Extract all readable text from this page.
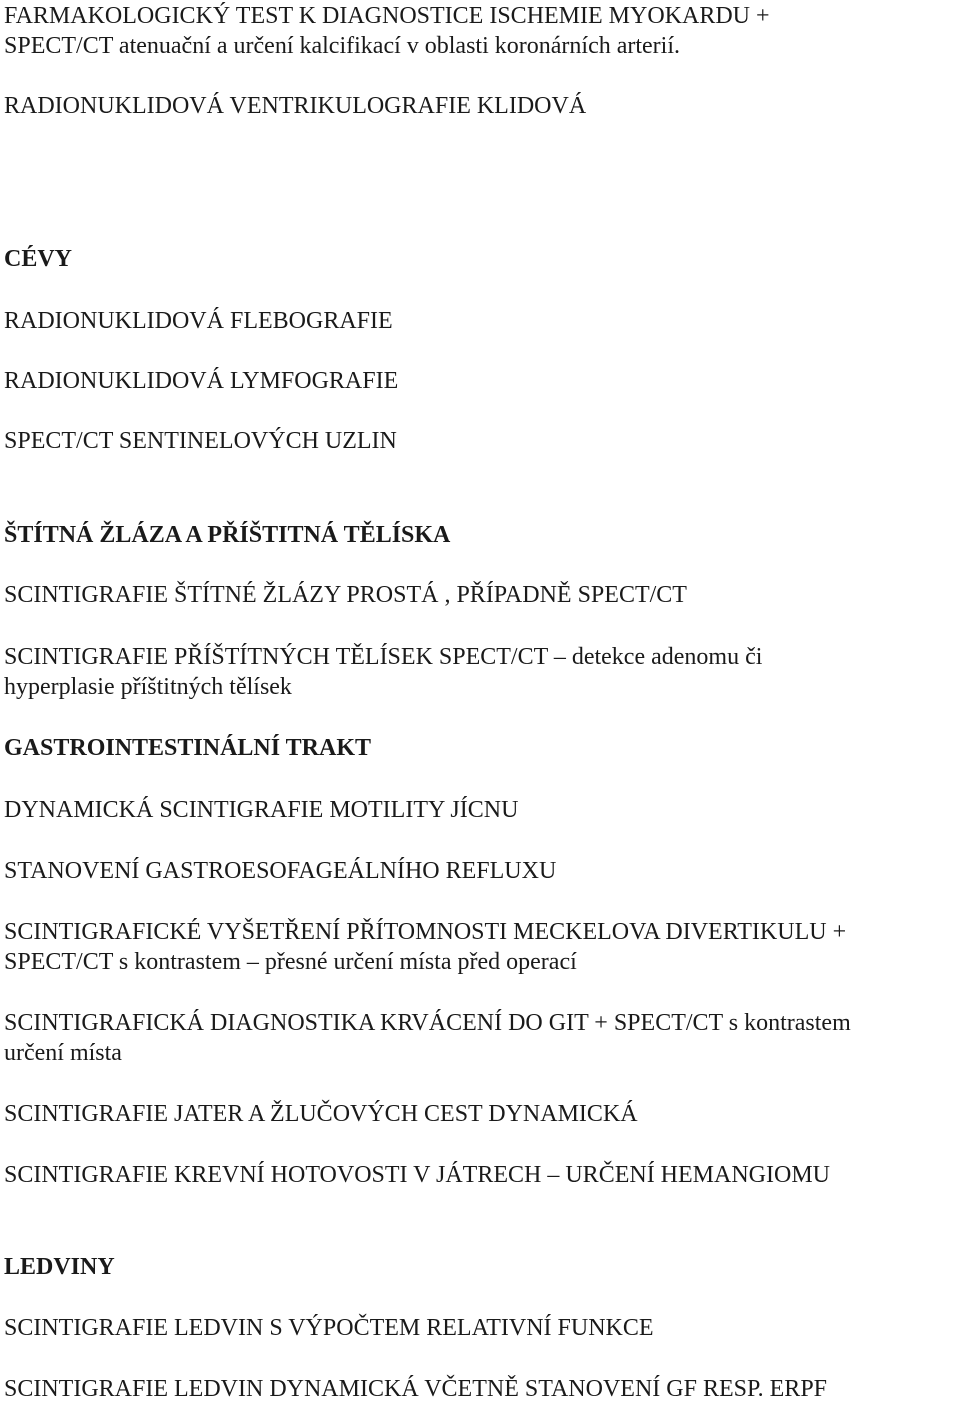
FARMAKOLOGICKÝ TEST K DIAGNOSTICE ISCHEMIE MYOKARDU +

SPECT/CT atenuační a určení kalcifikací v oblasti koronárních arterií.

RADIONUKLIDOVÁ VENTRIKULOGRAFIE KLIDOVÁ

CÉVY

RADIONUKLIDOVÁ FLEBOGRAFIE

RADIONUKLIDOVÁ LYMFOGRAFIE

SPECT/CT SENTINELOVÝCH UZLIN

ŠTÍTNÁ ŽLÁZA A PŘÍŠTITNÁ TĚLÍSKA

SCINTIGRAFIE ŠTÍTNÉ ŽLÁZY PROSTÁ , PŘÍPADNĚ SPECT/CT

SCINTIGRAFIE PŘÍŠTÍTNÝCH TĚLÍSEK SPECT/CT – detekce adenomu či

hyperplasie příštitných tělísek

GASTROINTESTINÁLNÍ TRAKT

DYNAMICKÁ SCINTIGRAFIE MOTILITY JÍCNU

STANOVENÍ GASTROESOFAGEÁLNÍHO REFLUXU

SCINTIGRAFICKÉ VYŠETŘENÍ PŘÍTOMNOSTI MECKELOVA DIVERTIKULU +

SPECT/CT s kontrastem – přesné určení místa před operací

SCINTIGRAFICKÁ DIAGNOSTIKA KRVÁCENÍ DO GIT + SPECT/CT s kontrastem

určení místa

SCINTIGRAFIE JATER A ŽLUČOVÝCH CEST DYNAMICKÁ

SCINTIGRAFIE KREVNÍ HOTOVOSTI V JÁTRECH – URČENÍ HEMANGIOMU

LEDVINY

SCINTIGRAFIE LEDVIN S VÝPOČTEM RELATIVNÍ FUNKCE

SCINTIGRAFIE LEDVIN DYNAMICKÁ VČETNĚ STANOVENÍ GF RESP. ERPF
